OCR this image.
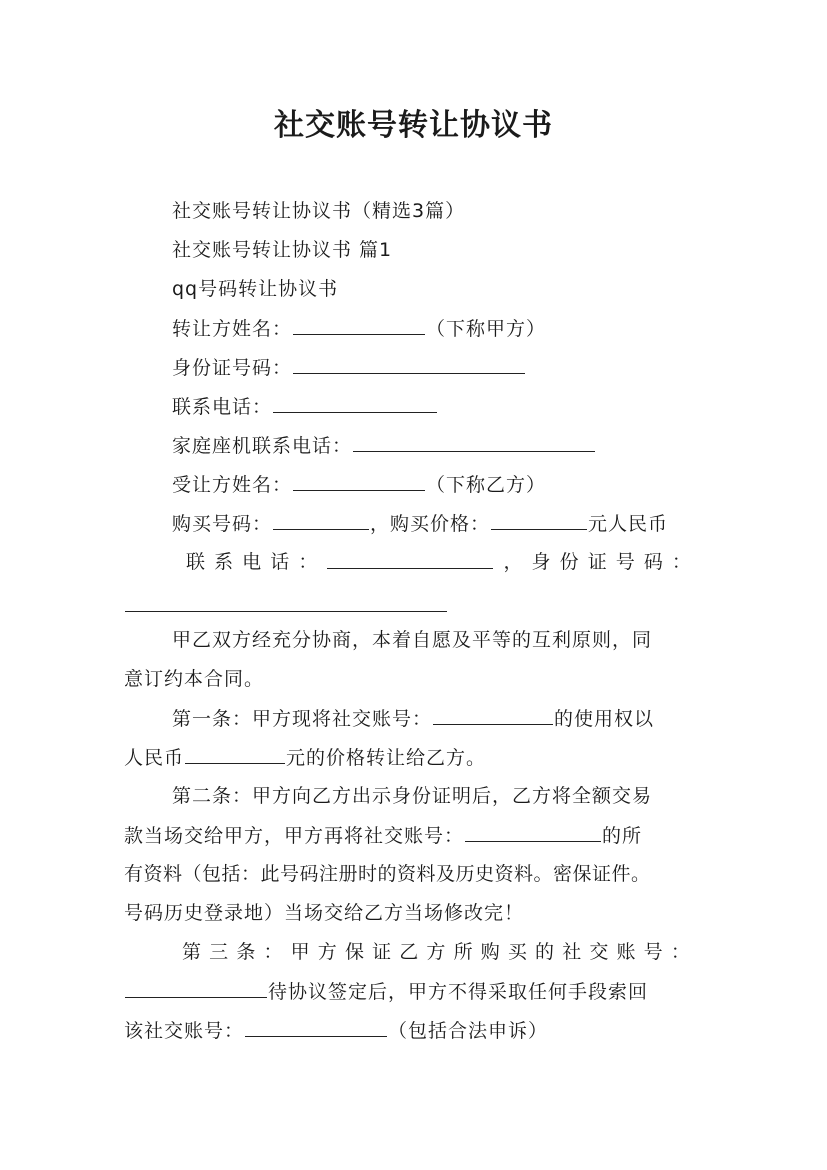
社交账号转让协议书
社交账号转让协议书（精选3篇）
社交账号转让协议书 篇1
qq号码转让协议书
转让方姓名：	（下称甲方）
身份证号码：
联系电话：
家庭座机联系电话：
受让方姓名：	（下称乙方）
购买号码：	，购买价格：	元人民币
联 系 电 话 ：	， 身 份 证 号 码 ：
甲乙双方经充分协商，本着自愿及平等的互利原则，同
意订约本合同。
第一条：甲方现将社交账号：	的使用权以
人民币	元的价格转让给乙方。
第二条：甲方向乙方出示身份证明后，乙方将全额交易
款当场交给甲方，甲方再将社交账号：	的所
有资料（包括：此号码注册时的资料及历史资料。密保证件。
号码历史登录地）当场交给乙方当场修改完！
第 三 条 ： 甲 方 保 证 乙 方 所 购 买 的 社 交 账 号 ：
待协议签定后，甲方不得采取任何手段索回
该社交账号：	（包括合法申诉）
